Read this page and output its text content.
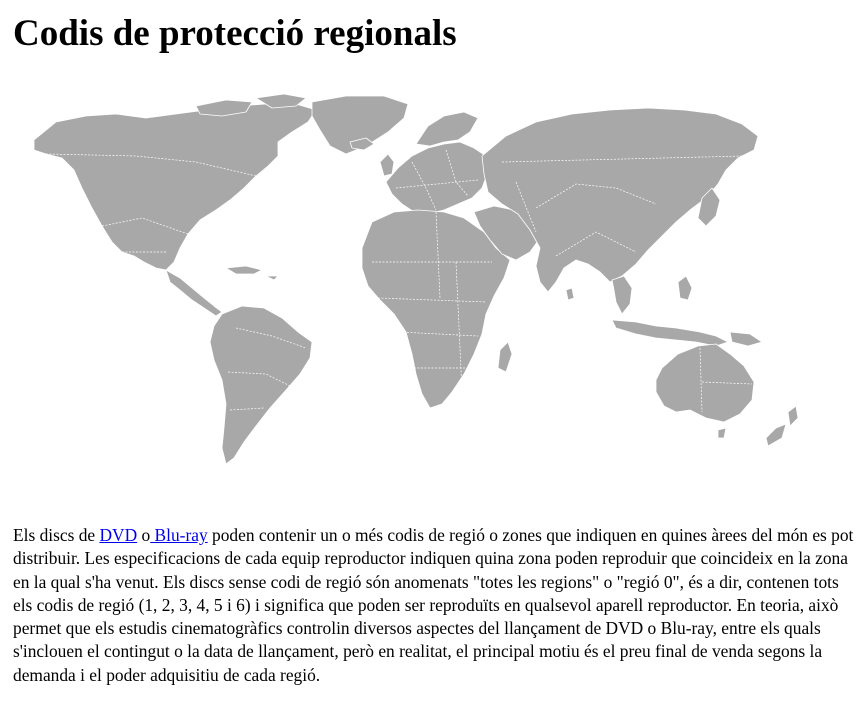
Codis de protecció regionals

Els discs de DVD o Blu-ray poden contenir un o més codis de regió o zones que indiquen en quines àrees del món es pot distribuir. Les especificacions de cada equip reproductor indiquen quina zona poden reproduir que coincideix en la zona en la qual s'ha venut. Els discs sense codi de regió són anomenats "totes les regions" o "regió 0", és a dir, contenen tots els codis de regió (1, 2, 3, 4, 5 i 6) i significa que poden ser reproduïts en qualsevol aparell reproductor. En teoria, això permet que els estudis cinematogràfics controlin diversos aspectes del llançament de DVD o Blu-ray, entre els quals s'inclouen el contingut o la data de llançament, però en realitat, el principal motiu és el preu final de venda segons la demanda i el poder adquisitiu de cada regió.
